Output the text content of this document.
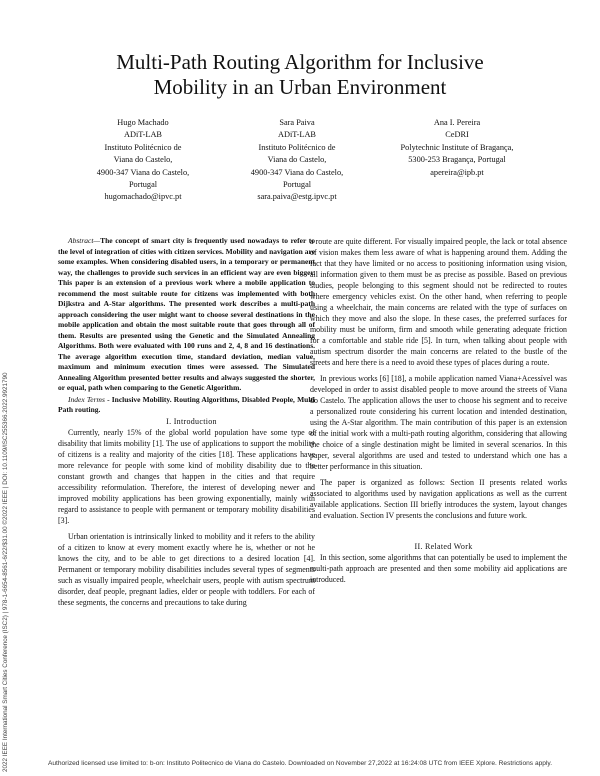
2022 IEEE International Smart Cities Conference (ISC2) | 978-1-6654-8561-6/22/$31.00 ©2022 IEEE | DOI: 10.1109/ISC255366.2022.9921790
Multi-Path Routing Algorithm for Inclusive
Mobility in an Urban Environment
Hugo Machado
ADiT-LAB
Instituto Politécnico de
Viana do Castelo,
4900-347 Viana do Castelo,
Portugal
hugomachado@ipvc.pt
Sara Paiva
ADiT-LAB
Instituto Politécnico de
Viana do Castelo,
4900-347 Viana do Castelo,
Portugal
sara.paiva@estg.ipvc.pt
Ana I. Pereira
CeDRI
Polytechnic Institute of Bragança,
5300-253 Bragança, Portugal
apereira@ipb.pt

Abstract—The concept of smart city is frequently used nowadays to refer to the level of integration of cities with citizen services. Mobility and navigation are some examples. When considering disabled users, in a temporary or permanent way, the challenges to provide such services in an efficient way are even bigger. This paper is an extension of a previous work where a mobile application to recommend the most suitable route for citizens was implemented with both Dijkstra and A-Star algorithms. The presented work describes a multi-path approach considering the user might want to choose several destinations in the mobile application and obtain the most suitable route that goes through all of them. Results are presented using the Genetic and the Simulated Annealing Algorithms. Both were evaluated with 100 runs and 2, 4, 8 and 16 destinations. The average algorithm execution time, standard deviation, median value, maximum and minimum execution times were assessed. The Simulated Annealing Algorithm presented better results and always suggested the shorter, or equal, path when comparing to the Genetic Algorithm.

Index Terms - Inclusive Mobility. Routing Algorithms, Disabled People, Multi Path routing.

I. Introduction

Currently, nearly 15% of the global world population have some type of disability that limits mobility [1]. The use of applications to support the mobility of citizens is a reality and majority of the cities [18]. These applications have more relevance for people with some kind of mobility disability due to the constant growth and changes that happen in the cities and that require accessibility reformulation. Therefore, the interest of developing newer and improved mobility applications has been growing exponentially, mainly with regard to assistance to people with permanent or temporary mobility disabilities [3].

Urban orientation is intrinsically linked to mobility and it refers to the ability of a citizen to know at every moment exactly where he is, whether or not he knows the city, and to be able to get directions to a desired location [4]. Permanent or temporary mobility disabilities includes several types of segments such as visually impaired people, wheelchair users, people with autism spectrum disorder, deaf people, pregnant ladies, elder or people with toddlers. For each of these segments, the concerns and precautions to take during

a route are quite different. For visually impaired people, the lack or total absence of vision makes them less aware of what is happening around them. Adding the fact that they have limited or no access to positioning information using vision, all information given to them must be as precise as possible. Based on previous studies, people belonging to this segment should not be redirected to routes where emergency vehicles exist. On the other hand, when referring to people using a wheelchair, the main concerns are related with the type of surfaces on which they move and also the slope. In these cases, the preferred surfaces for mobility must be uniform, firm and smooth while generating adequate friction for a comfortable and stable ride [5]. In turn, when talking about people with autism spectrum disorder the main concerns are related to the bustle of the streets and here there is a need to avoid these types of places during a route.

In previous works [6] [18], a mobile application named Viana+Acessível was developed in order to assist disabled people to move around the streets of Viana do Castelo. The application allows the user to choose his segment and to receive a personalized route considering his current location and intended destination, using the A-Star algorithm. The main contribution of this paper is an extension of the initial work with a multi-path routing algorithm, considering that allowing the choice of a single destination might be limited in several scenarios. In this paper, several algorithms are used and tested to understand which one has a better performance in this situation.

The paper is organized as follows: Section II presents related works associated to algorithms used by navigation applications as well as the current available applications. Section III briefly introduces the system, layout changes and evaluation. Section IV presents the conclusions and future work.

II. Related Work

In this section, some algorithms that can potentially be used to implement the multi-path approach are presented and then some mobility aid applications are introduced.

Authorized licensed use limited to: b-on: Instituto Politecnico de Viana do Castelo. Downloaded on November 27,2022 at 16:24:08 UTC from IEEE Xplore. Restrictions apply.
